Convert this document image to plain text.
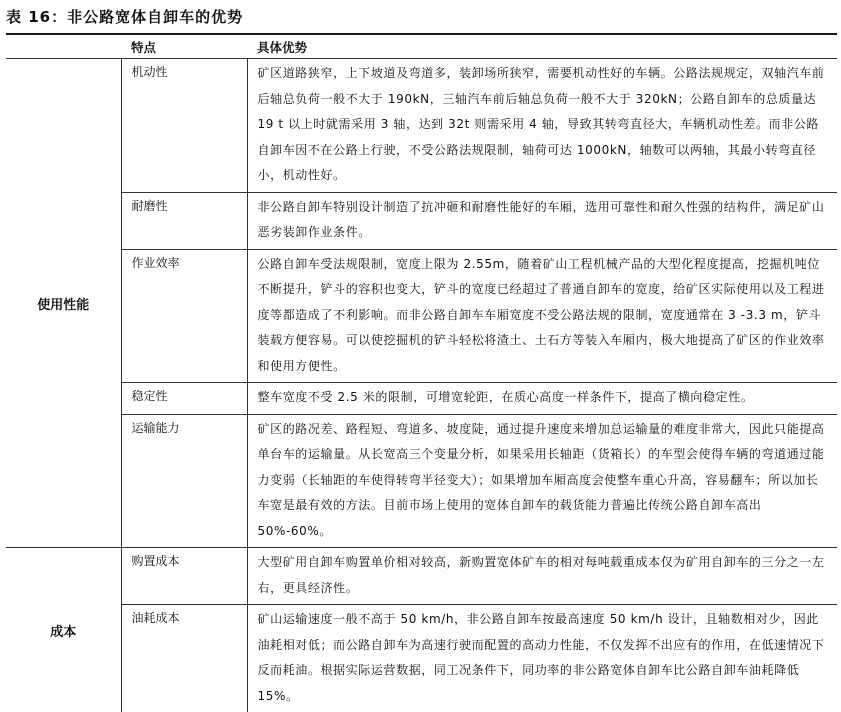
表 16：非公路宽体自卸车的优势
	特点	具体优势
使用性能	机动性	矿区道路狭窄，上下坡道及弯道多，装卸场所狭窄，需要机动性好的车辆。公路法规规定，双轴汽车前后轴总负荷一般不大于 190kN，三轴汽车前后轴总负荷一般不大于 320kN；公路自卸车的总质量达 19 t 以上时就需采用 3 轴，达到 32t 则需采用 4 轴，导致其转弯直径大，车辆机动性差。而非公路自卸车因不在公路上行驶，不受公路法规限制，轴荷可达 1000kN，轴数可以两轴，其最小转弯直径小，机动性好。
	耐磨性	非公路自卸车特别设计制造了抗冲砸和耐磨性能好的车厢，选用可靠性和耐久性强的结构件，满足矿山恶劣装卸作业条件。
	作业效率	公路自卸车受法规限制，宽度上限为 2.55m，随着矿山工程机械产品的大型化程度提高，挖掘机吨位不断提升，铲斗的容积也变大，铲斗的宽度已经超过了普通自卸车的宽度，给矿区实际使用以及工程进度等都造成了不利影响。而非公路自卸车车厢宽度不受公路法规的限制，宽度通常在 3 -3.3 m，铲斗装载方便容易。可以使挖掘机的铲斗轻松将渣土、土石方等装入车厢内，极大地提高了矿区的作业效率和使用方便性。
	稳定性	整车宽度不受 2.5 米的限制，可增宽轮距，在质心高度一样条件下，提高了横向稳定性。
	运输能力	矿区的路况差、路程短、弯道多、坡度陡，通过提升速度来增加总运输量的难度非常大，因此只能提高单台车的运输量。从长宽高三个变量分析，如果采用长轴距（货箱长）的车型会使得车辆的弯道通过能力变弱（长轴距的车使得转弯半径变大）；如果增加车厢高度会使整车重心升高，容易翻车；所以加长车宽是最有效的方法。目前市场上使用的宽体自卸车的载货能力普遍比传统公路自卸车高出 50%-60%。
成本	购置成本	大型矿用自卸车购置单价相对较高，新购置宽体矿车的相对每吨载重成本仅为矿用自卸车的三分之一左右，更具经济性。
	油耗成本	矿山运输速度一般不高于 50 km/h，非公路自卸车按最高速度 50 km/h 设计，且轴数相对少，因此油耗相对低；而公路自卸车为高速行驶而配置的高动力性能，不仅发挥不出应有的作用，在低速情况下反而耗油。根据实际运营数据，同工况条件下，同功率的非公路宽体自卸车比公路自卸车油耗降低 15%。
